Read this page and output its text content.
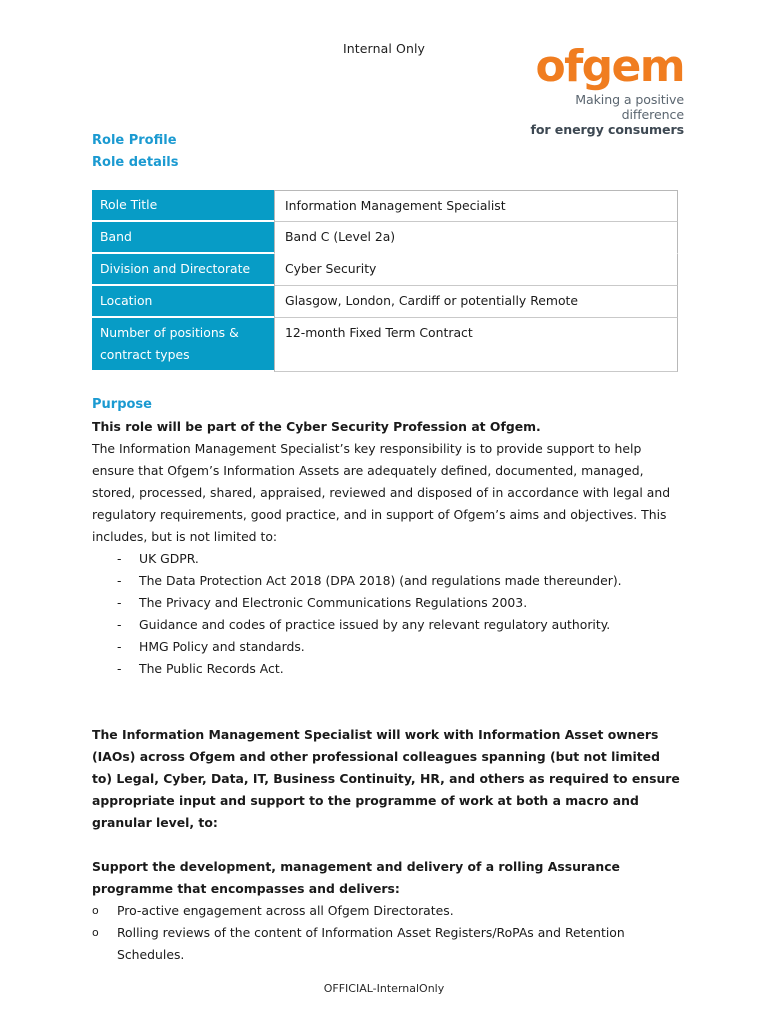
Internal Only	ofgem
Making a positive difference
for energy consumers
Role Profile
Role details
Role Title	Information Management Specialist
Band	Band C (Level 2a)
Division and Directorate	Cyber Security
Location	Glasgow, London, Cardiff or potentially Remote
Number of positions & contract types	12-month Fixed Term Contract
Purpose

This role will be part of the Cyber Security Profession at Ofgem.

The Information Management Specialist’s key responsibility is to provide support to help ensure that Ofgem’s Information Assets are adequately defined, documented, managed, stored, processed, shared, appraised, reviewed and disposed of in accordance with legal and regulatory requirements, good practice, and in support of Ofgem’s aims and objectives. This includes, but is not limited to:

- UK GDPR.
- The Data Protection Act 2018 (DPA 2018) (and regulations made thereunder).
- The Privacy and Electronic Communications Regulations 2003.
- Guidance and codes of practice issued by any relevant regulatory authority.
- HMG Policy and standards.
- The Public Records Act.

The Information Management Specialist will work with Information Asset owners (IAOs) across Ofgem and other professional colleagues spanning (but not limited to) Legal, Cyber, Data, IT, Business Continuity, HR, and others as required to ensure appropriate input and support to the programme of work at both a macro and granular level, to:

Support the development, management and delivery of a rolling Assurance programme that encompasses and delivers:

o Pro-active engagement across all Ofgem Directorates.
o Rolling reviews of the content of Information Asset Registers/RoPAs and Retention Schedules.
OFFICIAL-InternalOnly
